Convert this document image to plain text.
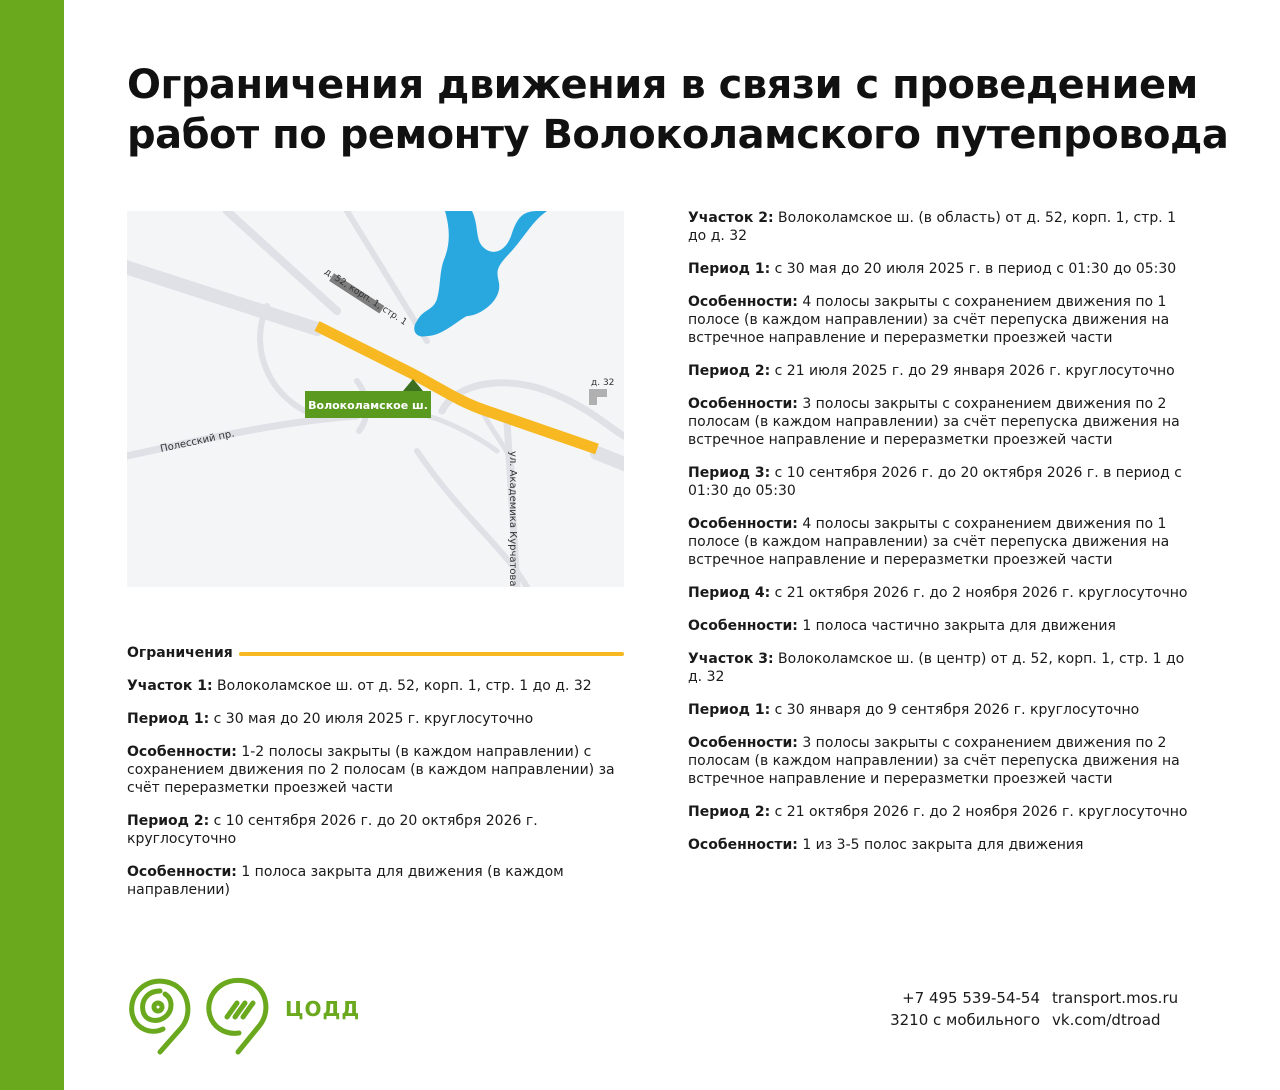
Ограничения движения в связи с проведением
работ по ремонту Волоколамского путепровода
д. 52, корп. 1, стр. 1
д. 32
Полесский пр.
ул. Академика Курчатова
Волоколамское ш.
Ограничения

Участок 1: Волоколамское ш. от д. 52, корп. 1, стр. 1 до д. 32

Период 1: с 30 мая до 20 июля 2025 г. круглосуточно

Особенности: 1-2 полосы закрыты (в каждом направлении) с сохранением движения по 2 полосам (в каждом направлении) за счёт переразметки проезжей части

Период 2: с 10 сентября 2026 г. до 20 октября 2026 г. круглосуточно

Особенности: 1 полоса закрыта для движения (в каждом направлении)

Участок 2: Волоколамское ш. (в область) от д. 52, корп. 1, стр. 1 до д. 32

Период 1: с 30 мая до 20 июля 2025 г. в период с 01:30 до 05:30

Особенности: 4 полосы закрыты с сохранением движения по 1 полосе (в каждом направлении) за счёт перепуска движения на встречное направление и переразметки проезжей части

Период 2: с 21 июля 2025 г. до 29 января 2026 г. круглосуточно

Особенности: 3 полосы закрыты с сохранением движения по 2 полосам (в каждом направлении) за счёт перепуска движения на встречное направление и переразметки проезжей части

Период 3: с 10 сентября 2026 г. до 20 октября 2026 г. в период с 01:30 до 05:30

Особенности: 4 полосы закрыты с сохранением движения по 1 полосе (в каждом направлении) за счёт перепуска движения на встречное направление и переразметки проезжей части

Период 4: с 21 октября 2026 г. до 2 ноября 2026 г. круглосуточно

Особенности: 1 полоса частично закрыта для движения

Участок 3: Волоколамское ш. (в центр) от д. 52, корп. 1, стр. 1 до д. 32

Период 1: с 30 января до 9 сентября 2026 г. круглосуточно

Особенности: 3 полосы закрыты с сохранением движения по 2 полосам (в каждом направлении) за счёт перепуска движения на встречное направление и переразметки проезжей части

Период 2: с 21 октября 2026 г. до 2 ноября 2026 г. круглосуточно

Особенности: 1 из 3-5 полос закрыта для движения

ЦОДД	+7 495 539-54-54
3210 с мобильного
transport.mos.ru
vk.com/dtroad
